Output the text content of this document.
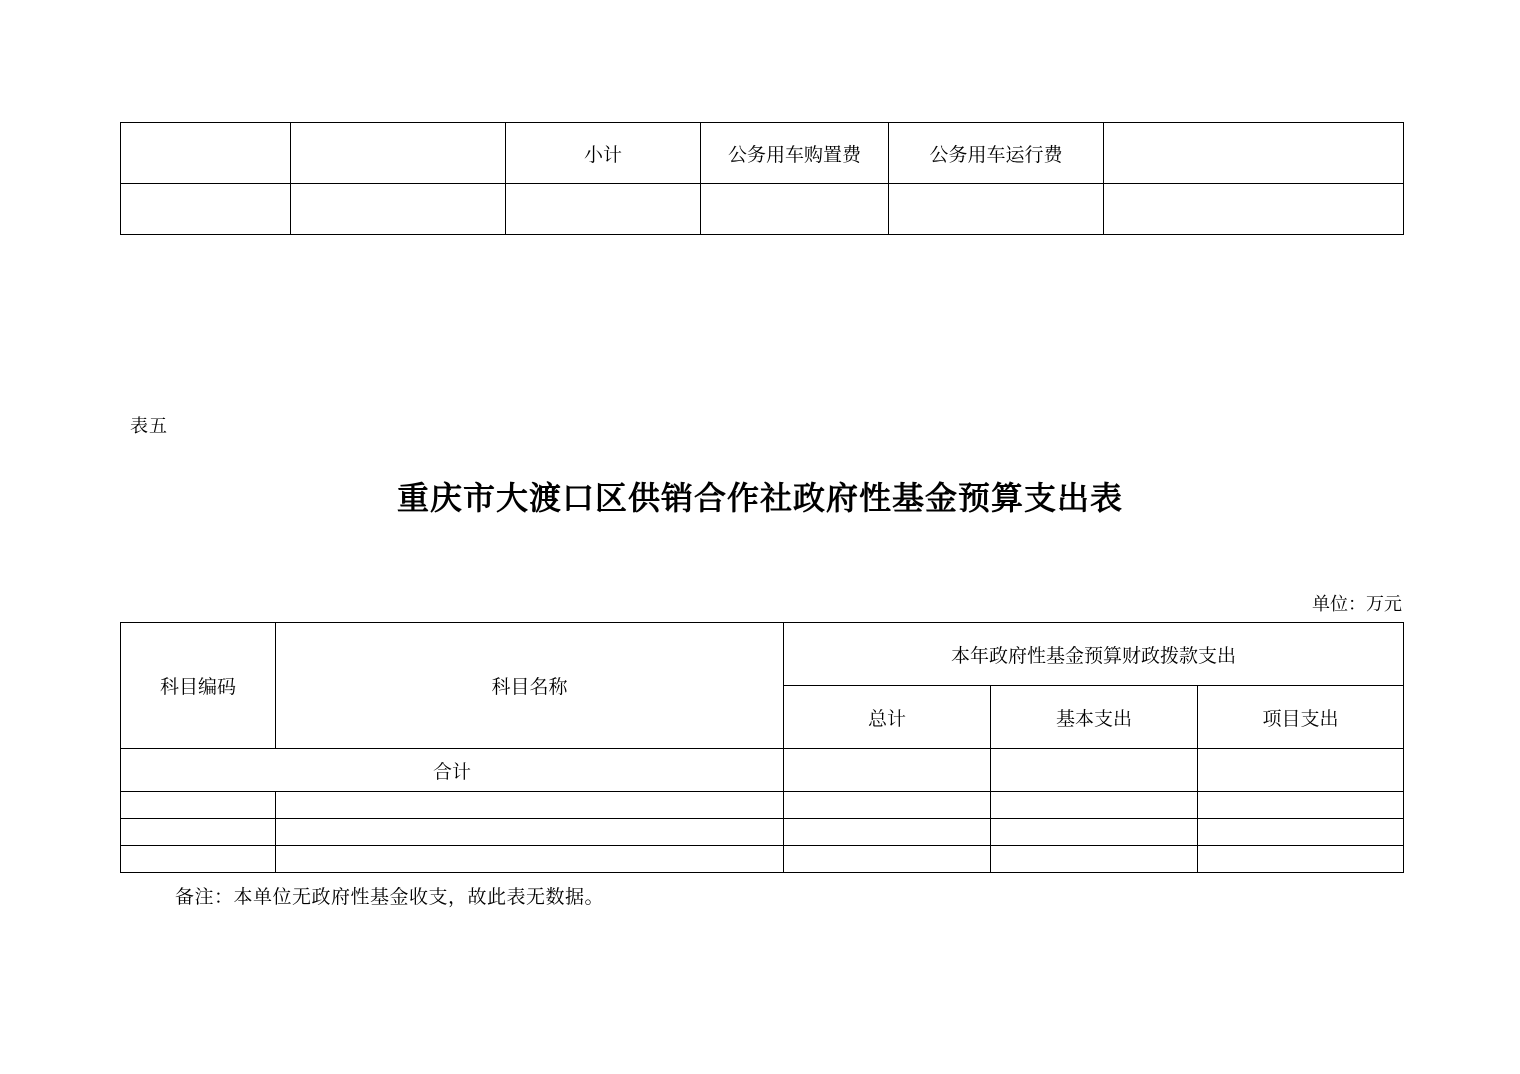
		小计	公务用车购置费	公务用车运行费	

表五
重庆市大渡口区供销合作社政府性基金预算支出表
单位：万元
科目编码	科目名称	本年政府性基金预算财政拨款支出		
		总计	基本支出	项目支出
合计				

备注：本单位无政府性基金收支，故此表无数据。
